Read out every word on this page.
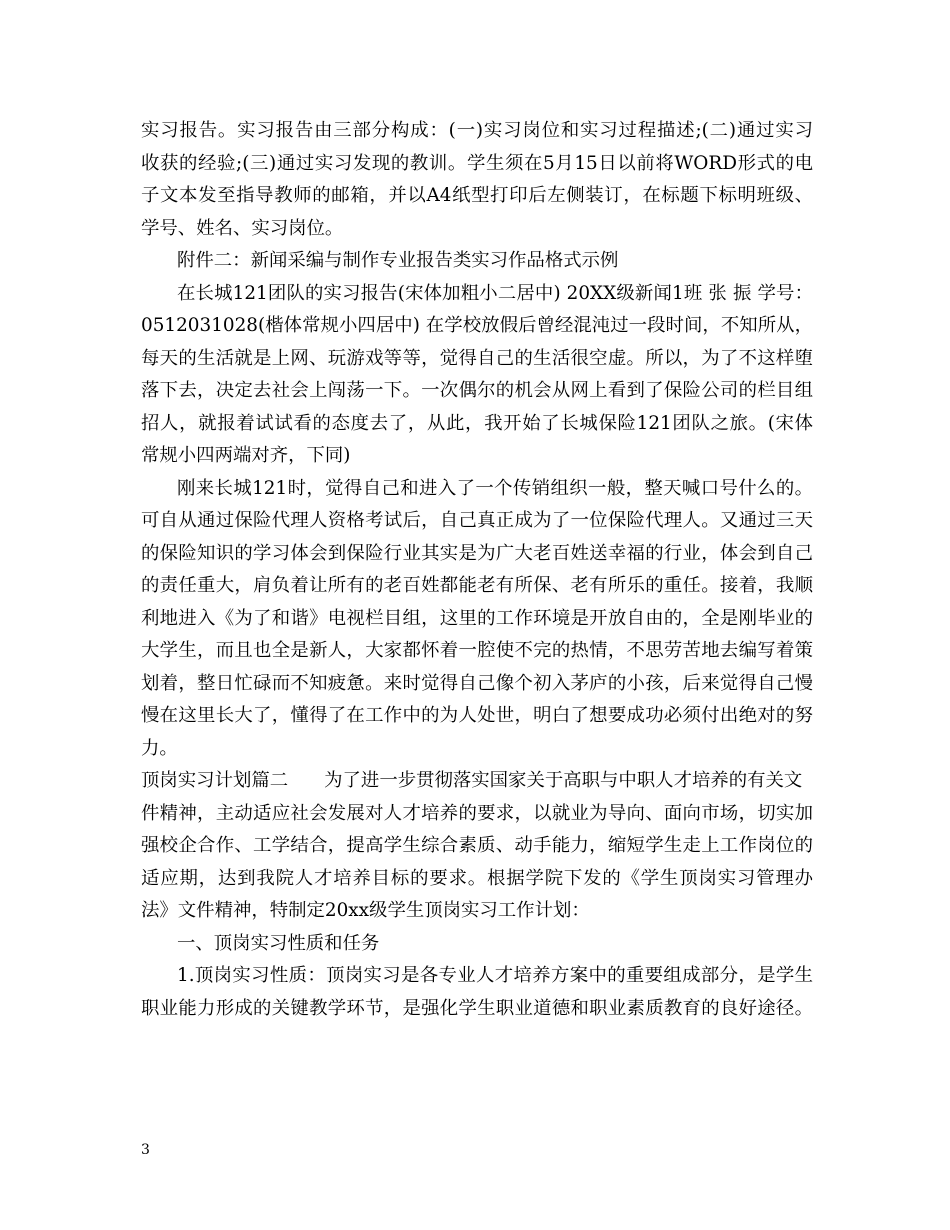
实习报告。实习报告由三部分构成：(一)实习岗位和实习过程描述;(二)通过实习
收获的经验;(三)通过实习发现的教训。学生须在5月15日以前将WORD形式的电
子文本发至指导教师的邮箱，并以A4纸型打印后左侧装订，在标题下标明班级、
学号、姓名、实习岗位。
附件二：新闻采编与制作专业报告类实习作品格式示例
在长城121团队的实习报告(宋体加粗小二居中) 20XX级新闻1班 张 振 学号：
0512031028(楷体常规小四居中) 在学校放假后曾经混沌过一段时间，不知所从，
每天的生活就是上网、玩游戏等等，觉得自己的生活很空虚。所以，为了不这样堕
落下去，决定去社会上闯荡一下。一次偶尔的机会从网上看到了保险公司的栏目组
招人，就报着试试看的态度去了，从此，我开始了长城保险121团队之旅。(宋体
常规小四两端对齐，下同)
刚来长城121时，觉得自己和进入了一个传销组织一般，整天喊口号什么的。
可自从通过保险代理人资格考试后，自己真正成为了一位保险代理人。又通过三天
的保险知识的学习体会到保险行业其实是为广大老百姓送幸福的行业，体会到自己
的责任重大，肩负着让所有的老百姓都能老有所保、老有所乐的重任。接着，我顺
利地进入《为了和谐》电视栏目组，这里的工作环境是开放自由的，全是刚毕业的
大学生，而且也全是新人，大家都怀着一腔使不完的热情，不思劳苦地去编写着策
划着，整日忙碌而不知疲惫。来时觉得自己像个初入茅庐的小孩，后来觉得自己慢
慢在这里长大了，懂得了在工作中的为人处世，明白了想要成功必须付出绝对的努
力。
顶岗实习计划篇二 为了进一步贯彻落实国家关于高职与中职人才培养的有关文
件精神，主动适应社会发展对人才培养的要求，以就业为导向、面向市场，切实加
强校企合作、工学结合，提高学生综合素质、动手能力，缩短学生走上工作岗位的
适应期，达到我院人才培养目标的要求。根据学院下发的《学生顶岗实习管理办
法》文件精神，特制定20xx级学生顶岗实习工作计划：
一、顶岗实习性质和任务
1.顶岗实习性质：顶岗实习是各专业人才培养方案中的重要组成部分，是学生
职业能力形成的关键教学环节，是强化学生职业道德和职业素质教育的良好途径。
3
